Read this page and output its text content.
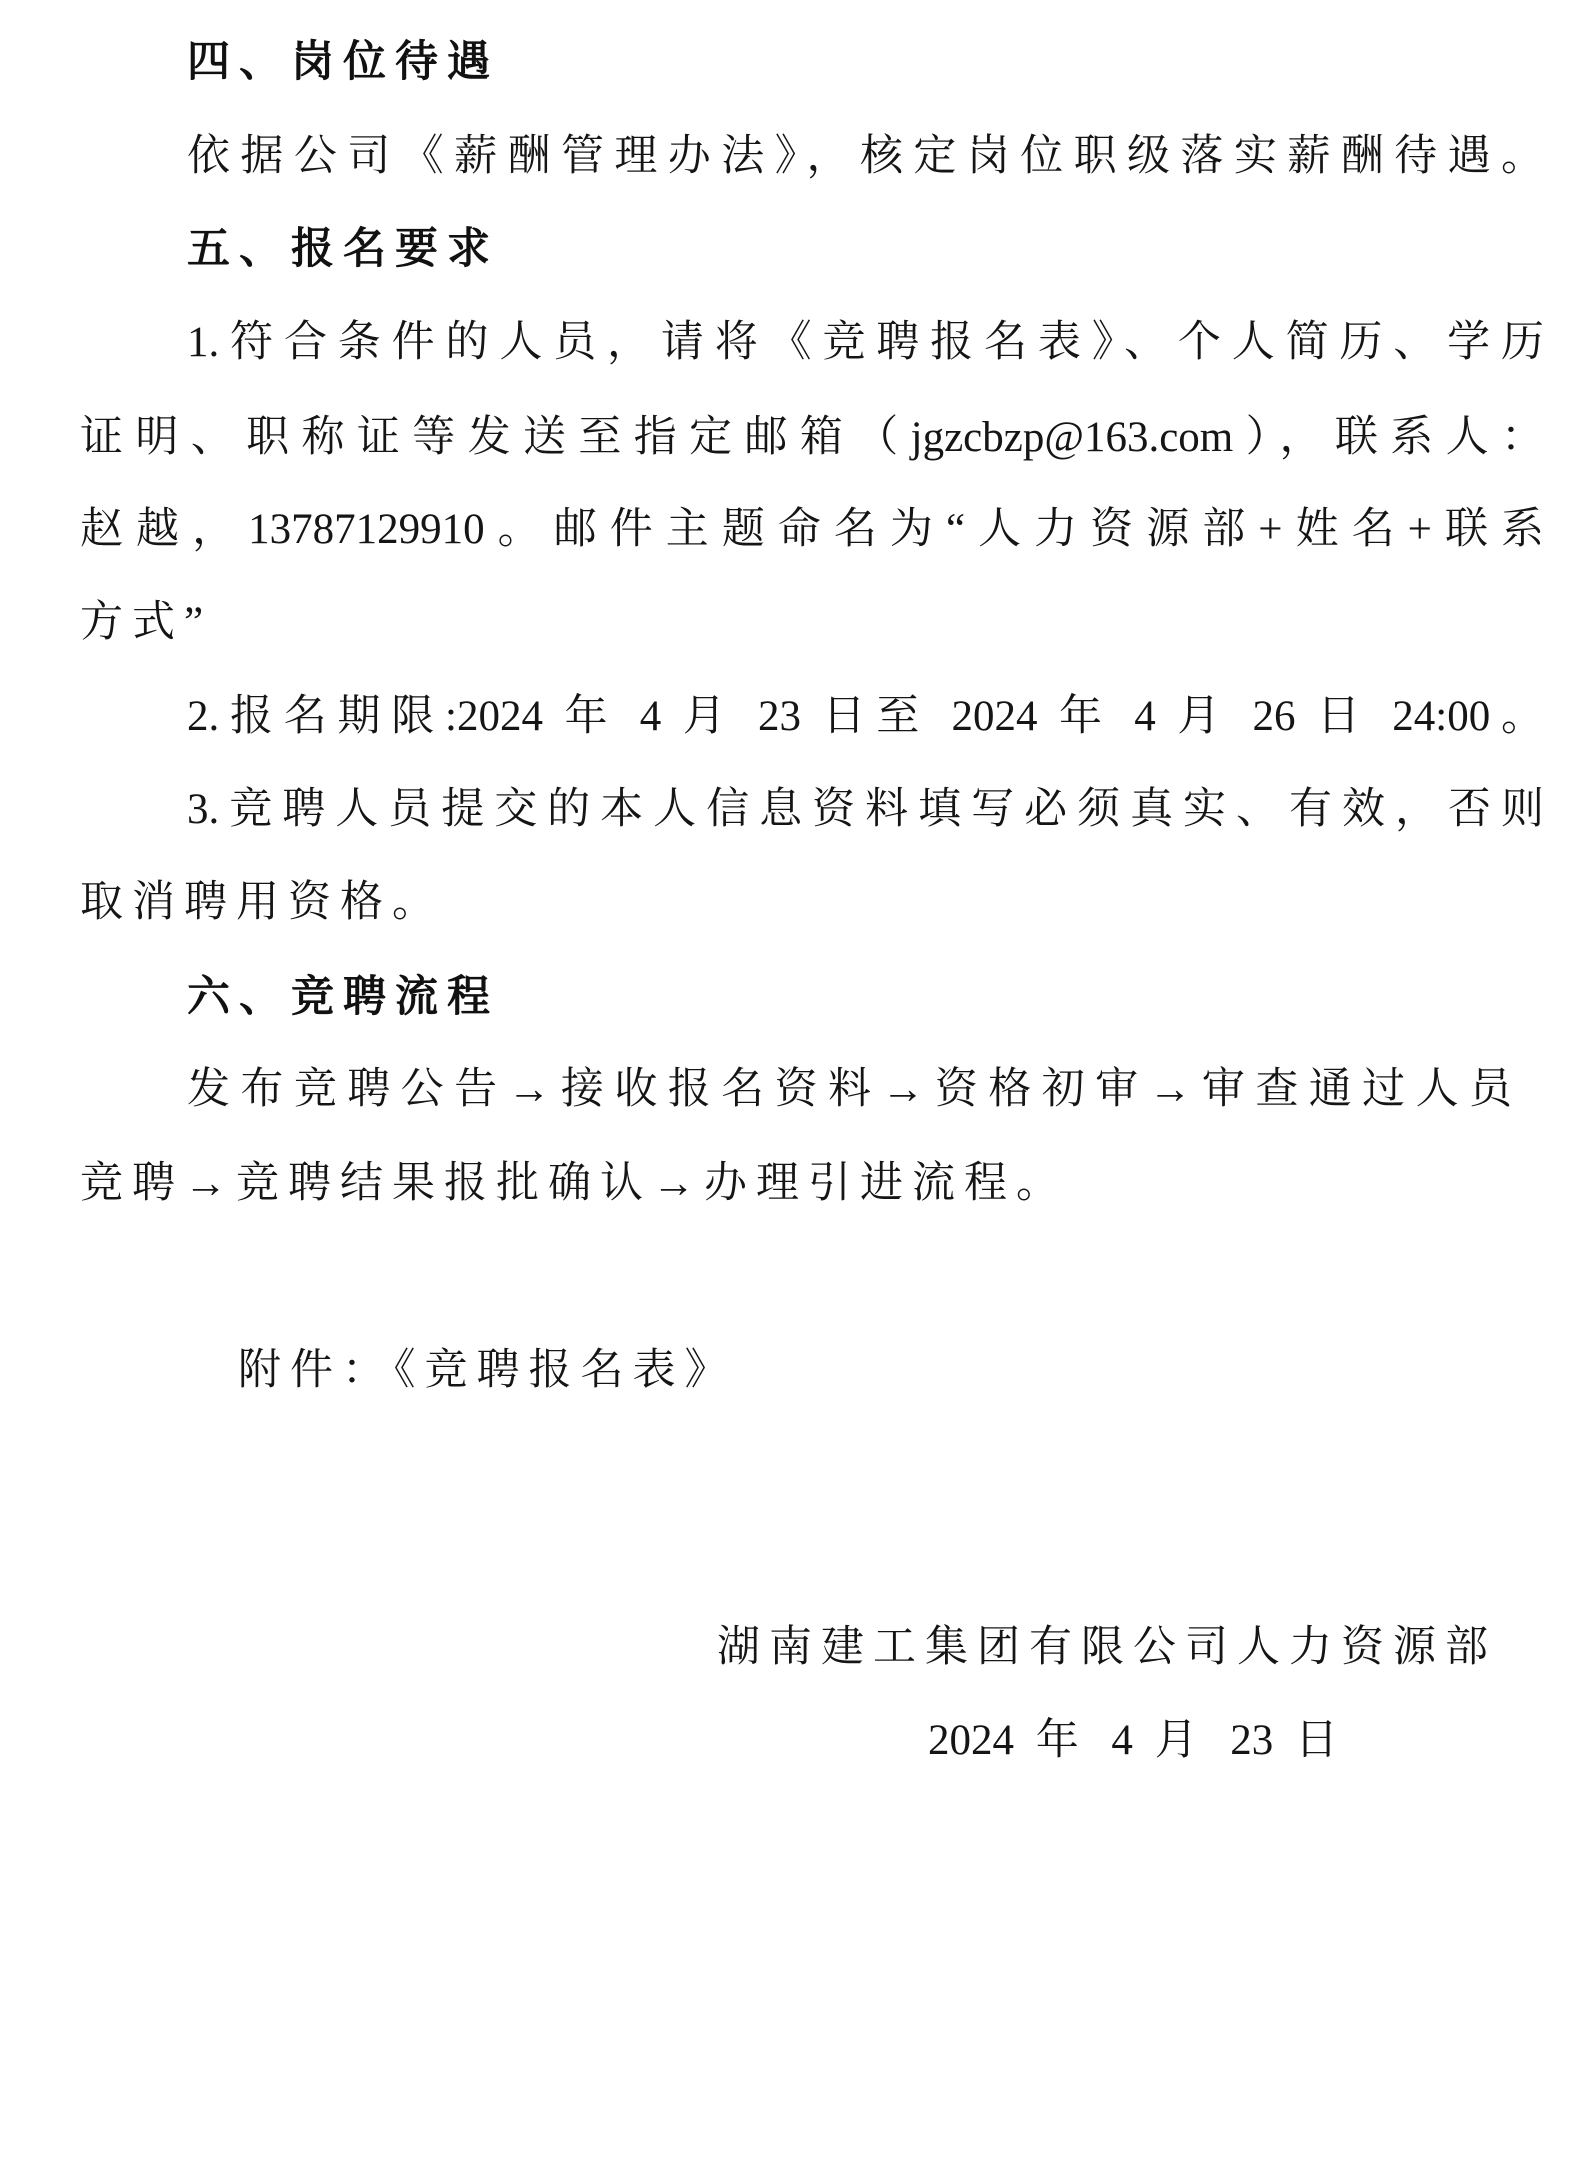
四、岗位待遇
依据公司《薪酬管理办法》，核定岗位职级落实薪酬待遇。
五、报名要求
1.符合条件的人员，请将《竞聘报名表》、个人简历、学历
证明、职称证等发送至指定邮箱（jgzcbzp@163.com），联系人：
赵越，13787129910。邮件主题命名为“人力资源部+姓名+联系
方式”
2.报名期限:2024 年 4 月 23 日至 2024 年 4 月 26 日 24:00。
3.竞聘人员提交的本人信息资料填写必须真实、有效，否则
取消聘用资格。
六、竞聘流程
发布竞聘公告→接收报名资料→资格初审→审查通过人员
竞聘→竞聘结果报批确认→办理引进流程。
附件：《竞聘报名表》
湖南建工集团有限公司人力资源部
2024 年 4 月 23 日
